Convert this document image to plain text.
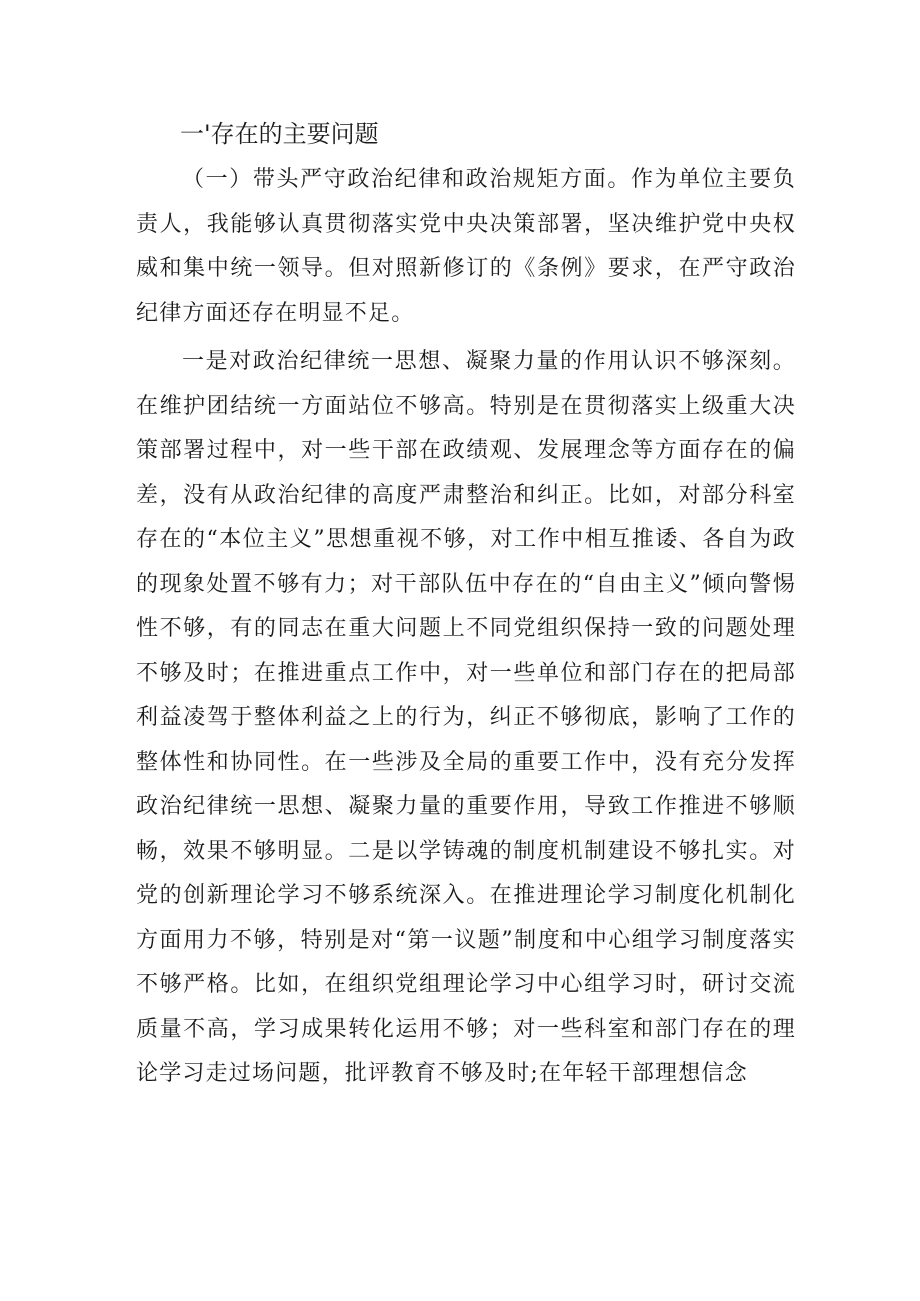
一'存在的主要问题

（一）带头严守政治纪律和政治规矩方面。作为单位主要负责人，我能够认真贯彻落实党中央决策部署，坚决维护党中央权威和集中统一领导。但对照新修订的《条例》要求，在严守政治纪律方面还存在明显不足。

一是对政治纪律统一思想、凝聚力量的作用认识不够深刻。在维护团结统一方面站位不够高。特别是在贯彻落实上级重大决策部署过程中，对一些干部在政绩观、发展理念等方面存在的偏差，没有从政治纪律的高度严肃整治和纠正。比如，对部分科室存在的“本位主义”思想重视不够，对工作中相互推诿、各自为政的现象处置不够有力；对干部队伍中存在的“自由主义”倾向警惕性不够，有的同志在重大问题上不同党组织保持一致的问题处理不够及时；在推进重点工作中，对一些单位和部门存在的把局部利益凌驾于整体利益之上的行为，纠正不够彻底，影响了工作的整体性和协同性。在一些涉及全局的重要工作中，没有充分发挥政治纪律统一思想、凝聚力量的重要作用，导致工作推进不够顺畅，效果不够明显。二是以学铸魂的制度机制建设不够扎实。对党的创新理论学习不够系统深入。在推进理论学习制度化机制化方面用力不够，特别是对“第一议题”制度和中心组学习制度落实不够严格。比如，在组织党组理论学习中心组学习时，研讨交流质量不高，学习成果转化运用不够；对一些科室和部门存在的理论学习走过场问题，批评教育不够及时;在年轻干部理想信念
